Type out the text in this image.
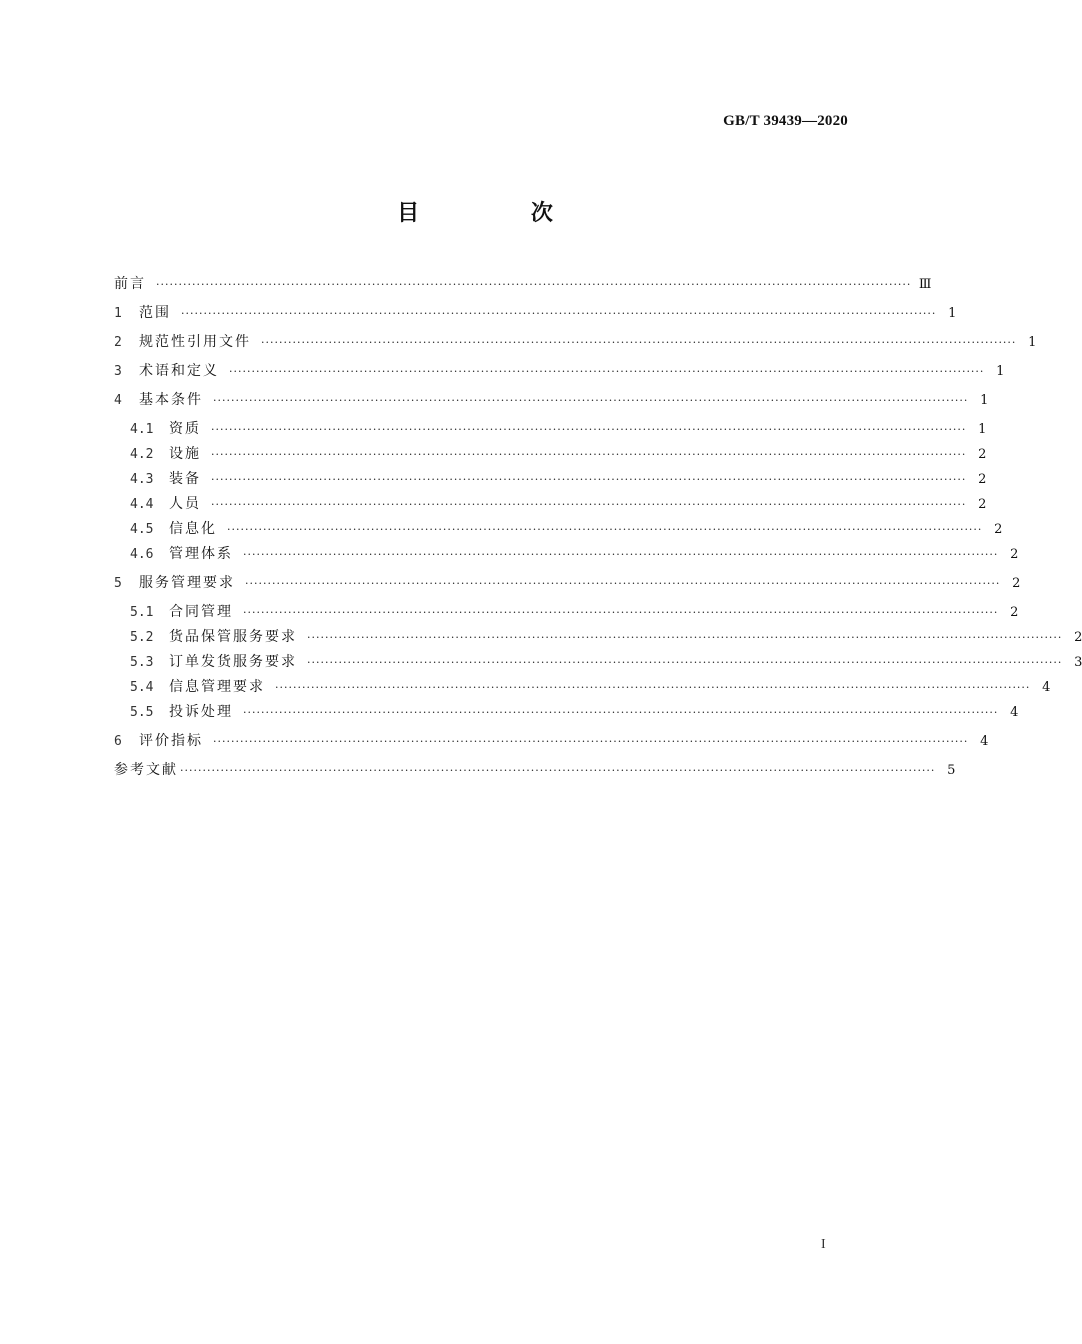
GB/T 39439—2020
目 次
前言 ········································································································································································ Ⅲ
1	范围 ········································································································································································ 1
2	规范性引用文件 ········································································································································································ 1
3	术语和定义 ········································································································································································ 1
4	基本条件 ········································································································································································ 1
4.1	资质 ········································································································································································ 1
4.2	设施 ········································································································································································ 2
4.3	装备 ········································································································································································ 2
4.4	人员 ········································································································································································ 2
4.5	信息化 ········································································································································································ 2
4.6	管理体系 ········································································································································································ 2
5	服务管理要求 ········································································································································································ 2
5.1	合同管理 ········································································································································································ 2
5.2	货品保管服务要求 ········································································································································································ 2
5.3	订单发货服务要求 ········································································································································································ 3
5.4	信息管理要求 ········································································································································································ 4
5.5	投诉处理 ········································································································································································ 4
6	评价指标 ········································································································································································ 4
参考文献 ········································································································································································ 5
I
